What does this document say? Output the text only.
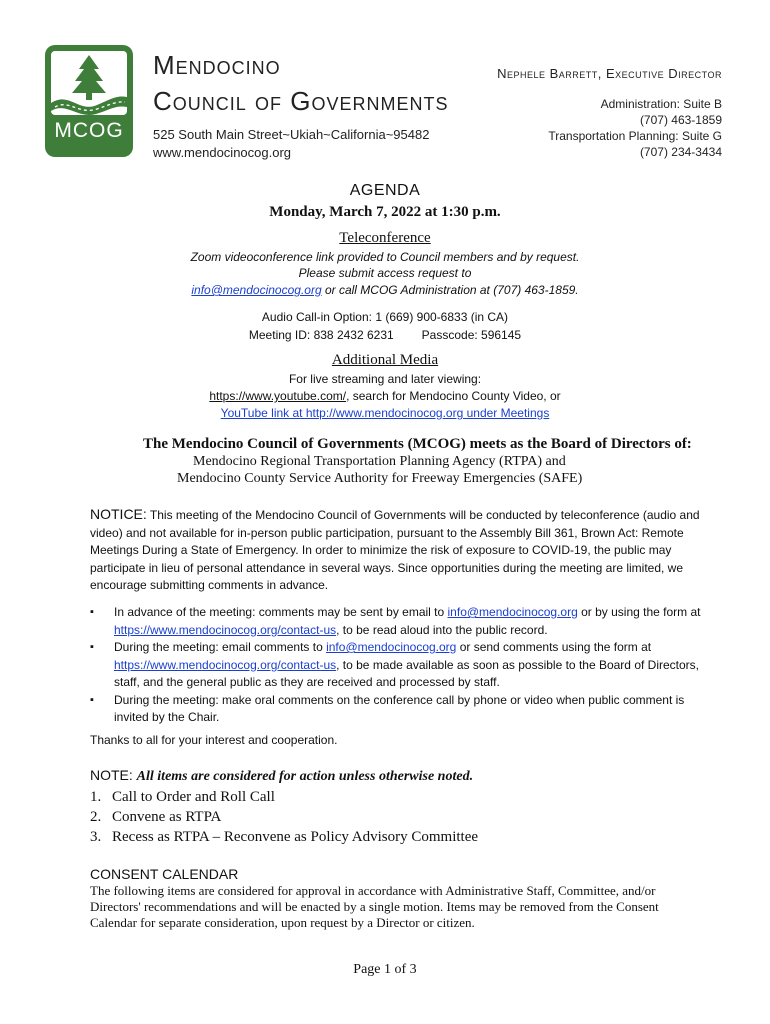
MCOG
Mendocino
Council of Governments
525 South Main Street~Ukiah~California~95482
www.mendocinocog.org
Nephele Barrett, Executive Director
Administration: Suite B
(707) 463-1859
Transportation Planning: Suite G
(707) 234-3434
AGENDA
Monday, March 7, 2022 at 1:30 p.m.
Teleconference
Zoom videoconference link provided to Council members and by request.
Please submit access request to
info@mendocinocog.org or call MCOG Administration at (707) 463-1859.
Audio Call-in Option: 1 (669) 900-6833 (in CA)
Meeting ID: 838 2432 6231 Passcode: 596145
Additional Media
For live streaming and later viewing:
https://www.youtube.com/, search for Mendocino County Video, or
YouTube link at http://www.mendocinocog.org under Meetings
The Mendocino Council of Governments (MCOG) meets as the Board of Directors of:
Mendocino Regional Transportation Planning Agency (RTPA) and
Mendocino County Service Authority for Freeway Emergencies (SAFE)
NOTICE: This meeting of the Mendocino Council of Governments will be conducted by teleconference (audio and video) and not available for in-person public participation, pursuant to the Assembly Bill 361, Brown Act: Remote Meetings During a State of Emergency. In order to minimize the risk of exposure to COVID-19, the public may participate in lieu of personal attendance in several ways. Since opportunities during the meeting are limited, we encourage submitting comments in advance.
▪ In advance of the meeting: comments may be sent by email to info@mendocinocog.org or by using the form at https://www.mendocinocog.org/contact-us, to be read aloud into the public record.
▪ During the meeting: email comments to info@mendocinocog.org or send comments using the form at https://www.mendocinocog.org/contact-us, to be made available as soon as possible to the Board of Directors, staff, and the general public as they are received and processed by staff.
▪ During the meeting: make oral comments on the conference call by phone or video when public comment is invited by the Chair.
Thanks to all for your interest and cooperation.
NOTE: All items are considered for action unless otherwise noted.
1. Call to Order and Roll Call
2. Convene as RTPA
3. Recess as RTPA – Reconvene as Policy Advisory Committee
CONSENT CALENDAR
The following items are considered for approval in accordance with Administrative Staff, Committee, and/or Directors' recommendations and will be enacted by a single motion. Items may be removed from the Consent Calendar for separate consideration, upon request by a Director or citizen.
Page 1 of 3
